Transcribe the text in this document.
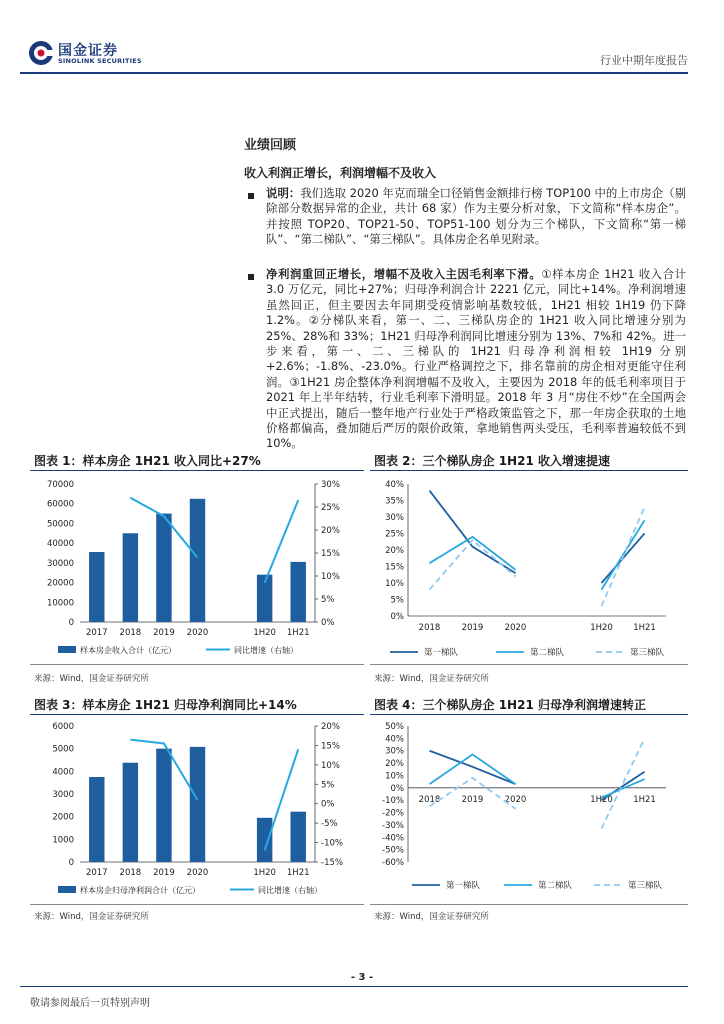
国金证券
SINOLINK SECURITIES	行业中期年度报告
业绩回顾
收入利润正增长，利润增幅不及收入
说明：我们选取 2020 年克而瑞全口径销售金额排行榜 TOP100 中的上市房企（剔除部分数据异常的企业，共计 68 家）作为主要分析对象，下文简称“样本房企”。并按照 TOP20、TOP21-50、TOP51-100 划分为三个梯队，下文简称“第一梯队”、“第二梯队”、“第三梯队”。具体房企名单见附录。
净利润重回正增长，增幅不及收入主因毛利率下滑。①样本房企 1H21 收入合计 3.0 万亿元，同比+27%；归母净利润合计 2221 亿元，同比+14%。净利润增速虽然回正，但主要因去年同期受疫情影响基数较低，1H21 相较 1H19 仍下降 1.2%。②分梯队来看，第一、二、三梯队房企的 1H21 收入同比增速分别为 25%、28%和 33%；1H21 归母净利润同比增速分别为 13%、7%和 42%。进一步来看，第一、二、三梯队的 1H21 归母净利润相较 1H19 分别+2.6%；-1.8%、-23.0%。行业严格调控之下，排名靠前的房企相对更能守住利润。③1H21 房企整体净利润增幅不及收入，主要因为 2018 年的低毛利率项目于 2021 年上半年结转，行业毛利率下滑明显。2018 年 3 月“房住不炒”在全国两会中正式提出，随后一整年地产行业处于严格政策监管之下，那一年房企获取的土地价格都偏高，叠加随后严厉的限价政策，拿地销售两头受压，毛利率普遍较低不到 10%。
图表 1：样本房企 1H21 收入同比+27%	图表 2：三个梯队房企 1H21 收入增速提速
0
10000
20000
30000
40000
50000
60000
70000
0%
5%
10%
15%
20%
25%
30%
2017 2018 2019 2020	1H20 1H21
样本房企收入合计（亿元）	同比增速（右轴）
0%
5%
10%
15%
20%
25%
30%
35%
40%
2018	2019	2020	1H20 1H21
第一梯队	第二梯队	第三梯队
来源：Wind，国金证券研究所	来源：Wind，国金证券研究所
图表 3：样本房企 1H21 归母净利润同比+14%	图表 4：三个梯队房企 1H21 归母净利润增速转正
0
1000
2000
3000
4000
5000
6000
-15%
-10%
-5%
0%
5%
10%
15%
20%
2017 2018 2019 2020	1H20 1H21
样本房企归母净利润合计（亿元）	同比增速（右轴）
-60%
-50%
-40%
-30%
-20%
-10%
0%
10%
20%
30%
40%
50%
2018	2019	2020	1H20 1H21
第一梯队	第二梯队	第三梯队
来源：Wind，国金证券研究所	来源：Wind，国金证券研究所
- 3 -
敬请参阅最后一页特别声明
